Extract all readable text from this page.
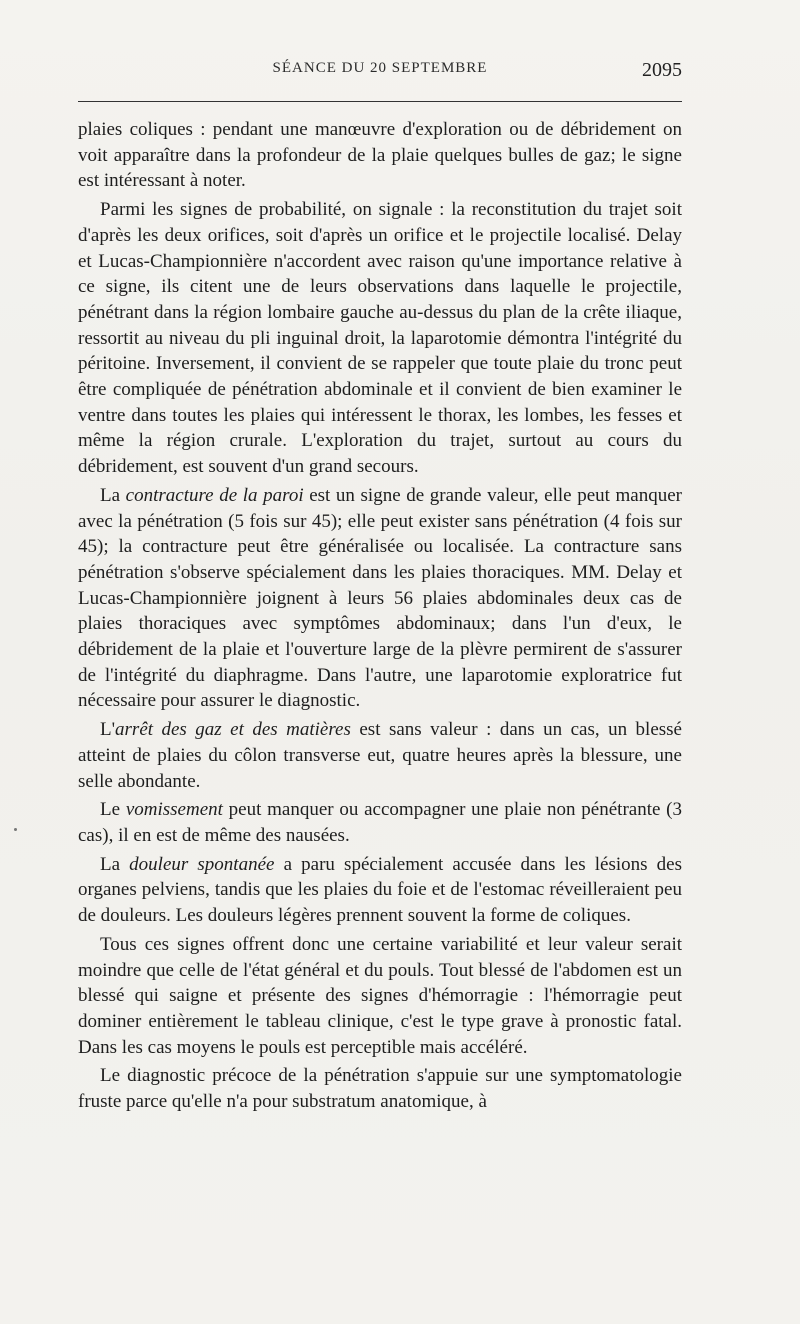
SÉANCE DU 20 SEPTEMBRE	2095

plaies coliques : pendant une manœuvre d'exploration ou de débridement on voit apparaître dans la profondeur de la plaie quelques bulles de gaz; le signe est intéressant à noter.

Parmi les signes de probabilité, on signale : la reconstitution du trajet soit d'après les deux orifices, soit d'après un orifice et le projectile localisé. Delay et Lucas-Championnière n'accordent avec raison qu'une importance relative à ce signe, ils citent une de leurs observations dans laquelle le projectile, pénétrant dans la région lombaire gauche au-dessus du plan de la crête iliaque, ressortit au niveau du pli inguinal droit, la laparotomie démontra l'intégrité du péritoine. Inversement, il convient de se rappeler que toute plaie du tronc peut être compliquée de pénétration abdominale et il convient de bien examiner le ventre dans toutes les plaies qui intéressent le thorax, les lombes, les fesses et même la région crurale. L'exploration du trajet, surtout au cours du débridement, est souvent d'un grand secours.

La contracture de la paroi est un signe de grande valeur, elle peut manquer avec la pénétration (5 fois sur 45); elle peut exister sans pénétration (4 fois sur 45); la contracture peut être généralisée ou localisée. La contracture sans pénétration s'observe spécialement dans les plaies thoraciques. MM. Delay et Lucas-Championnière joignent à leurs 56 plaies abdominales deux cas de plaies thoraciques avec symptômes abdominaux; dans l'un d'eux, le débridement de la plaie et l'ouverture large de la plèvre permirent de s'assurer de l'intégrité du diaphragme. Dans l'autre, une laparotomie exploratrice fut nécessaire pour assurer le diagnostic.

L'arrêt des gaz et des matières est sans valeur : dans un cas, un blessé atteint de plaies du côlon transverse eut, quatre heures après la blessure, une selle abondante.

Le vomissement peut manquer ou accompagner une plaie non pénétrante (3 cas), il en est de même des nausées.

La douleur spontanée a paru spécialement accusée dans les lésions des organes pelviens, tandis que les plaies du foie et de l'estomac réveilleraient peu de douleurs. Les douleurs légères prennent souvent la forme de coliques.

Tous ces signes offrent donc une certaine variabilité et leur valeur serait moindre que celle de l'état général et du pouls. Tout blessé de l'abdomen est un blessé qui saigne et présente des signes d'hémorragie : l'hémorragie peut dominer entièrement le tableau clinique, c'est le type grave à pronostic fatal. Dans les cas moyens le pouls est perceptible mais accéléré.

Le diagnostic précoce de la pénétration s'appuie sur une symptomatologie fruste parce qu'elle n'a pour substratum anatomique, à
